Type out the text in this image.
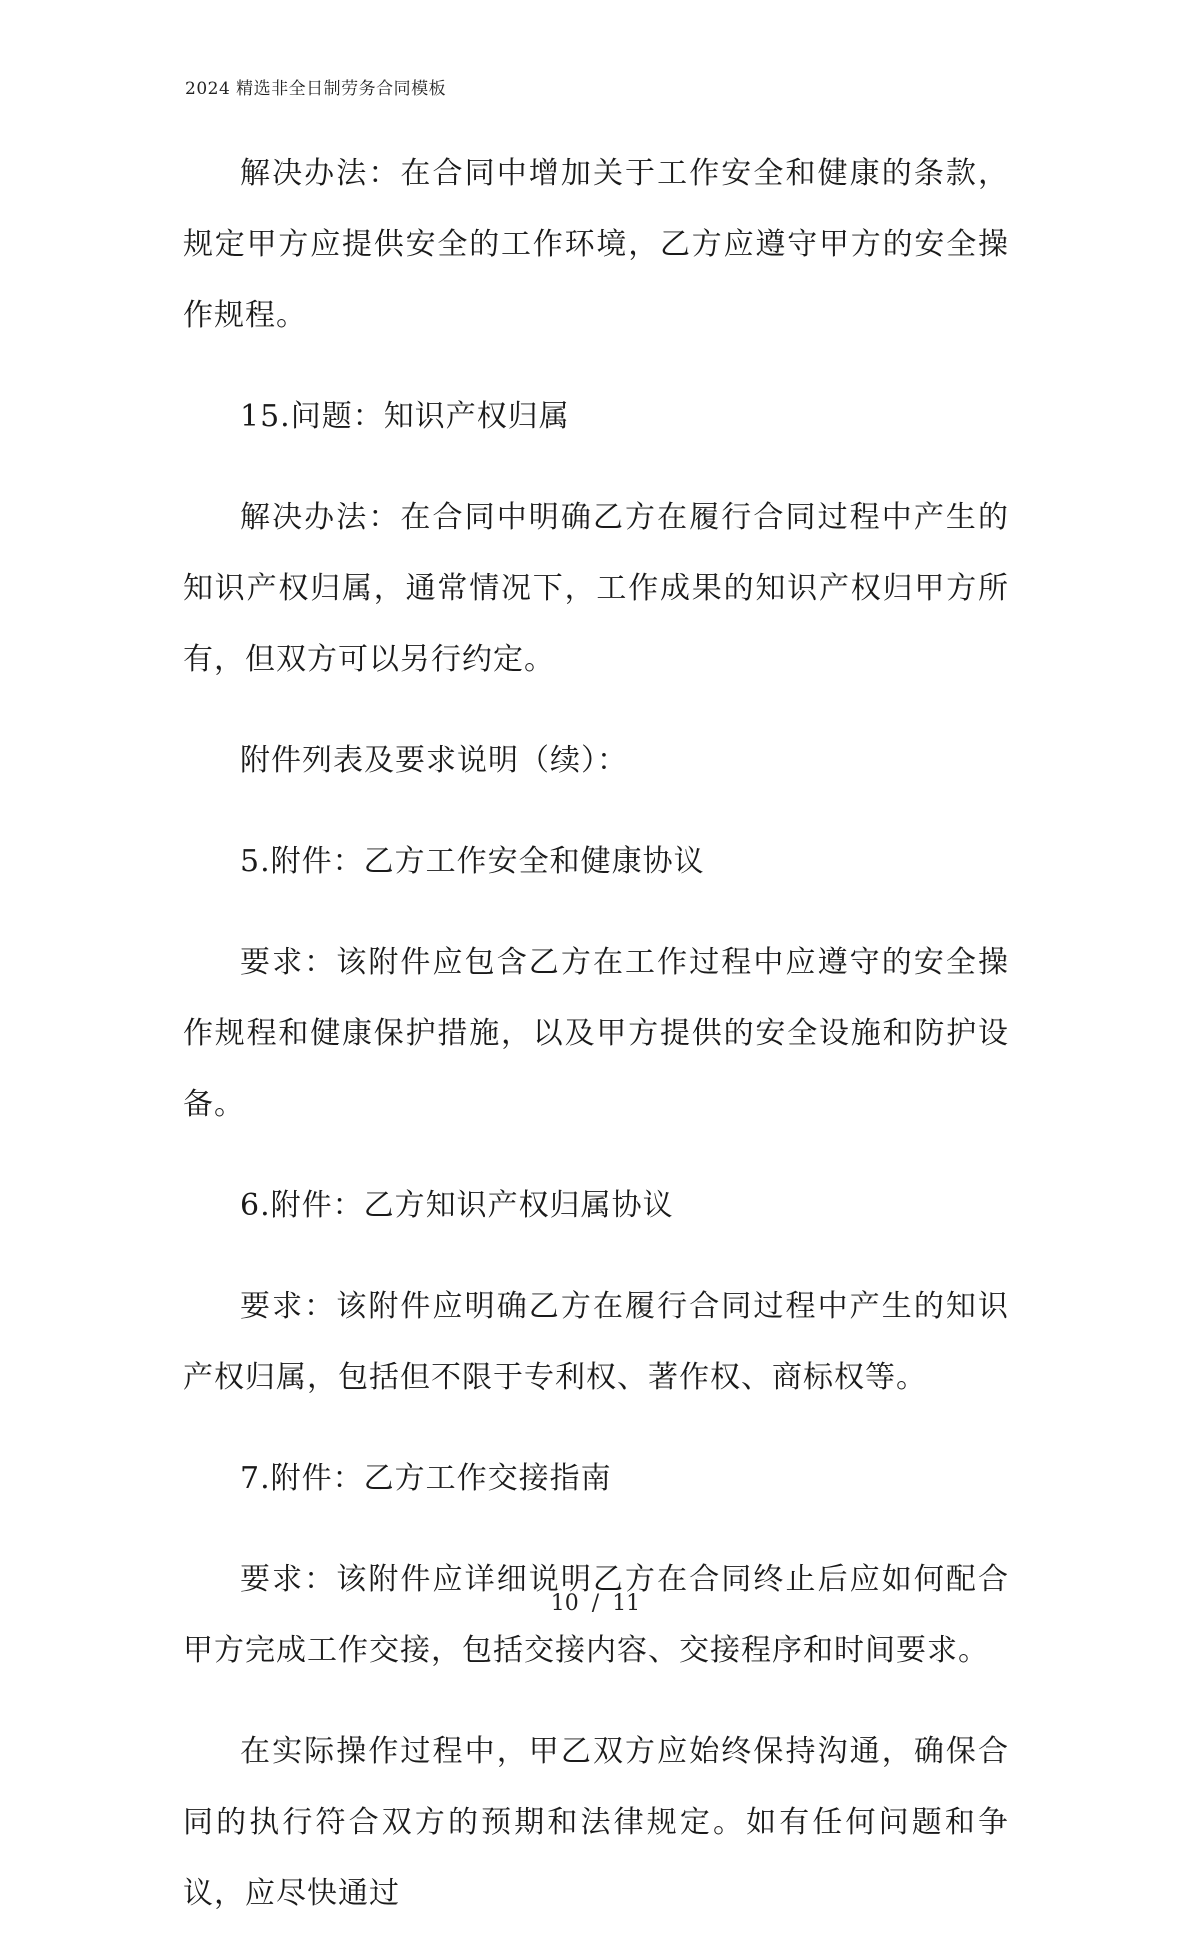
2024 精选非全日制劳务合同模板

解决办法：在合同中增加关于工作安全和健康的条款，规定甲方应提供安全的工作环境，乙方应遵守甲方的安全操作规程。

15.问题：知识产权归属

解决办法：在合同中明确乙方在履行合同过程中产生的知识产权归属，通常情况下，工作成果的知识产权归甲方所有，但双方可以另行约定。

附件列表及要求说明（续）：

5.附件：乙方工作安全和健康协议

要求：该附件应包含乙方在工作过程中应遵守的安全操作规程和健康保护措施，以及甲方提供的安全设施和防护设备。

6.附件：乙方知识产权归属协议

要求：该附件应明确乙方在履行合同过程中产生的知识产权归属，包括但不限于专利权、著作权、商标权等。

7.附件：乙方工作交接指南

要求：该附件应详细说明乙方在合同终止后应如何配合甲方完成工作交接，包括交接内容、交接程序和时间要求。

在实际操作过程中，甲乙双方应始终保持沟通，确保合同的执行符合双方的预期和法律规定。如有任何问题和争议，应尽快通过

10 / 11
